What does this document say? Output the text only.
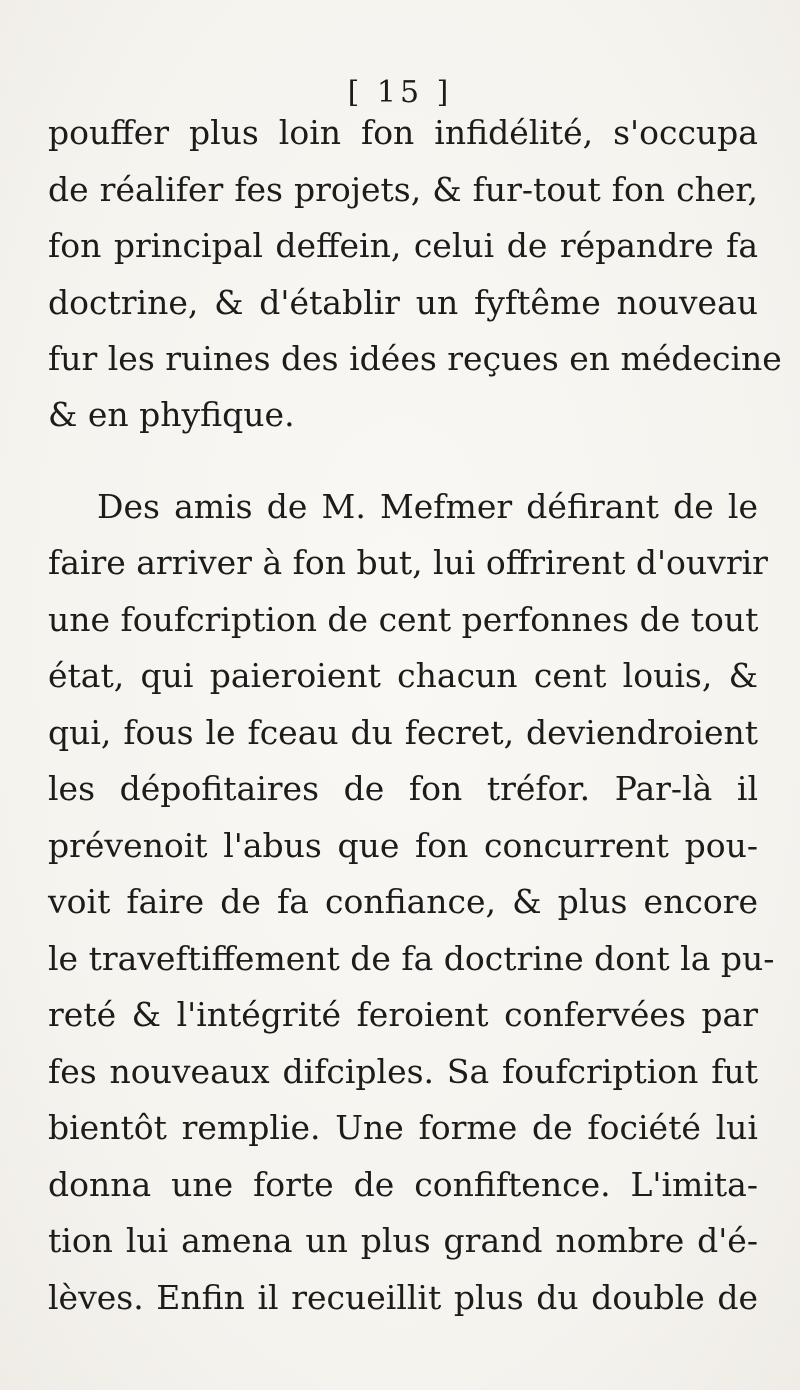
[ 15 ]

pouffer plus loin fon infidélité, s'occupa

de réalifer fes projets, & fur-tout fon cher,

fon principal deffein, celui de répandre fa

doctrine, & d'établir un fyftême nouveau

fur les ruines des idées reçues en médecine

& en phyfique.

Des amis de M. Mefmer défirant de le

faire arriver à fon but, lui offrirent d'ouvrir

une foufcription de cent perfonnes de tout

état, qui paieroient chacun cent louis, &

qui, fous le fceau du fecret, deviendroient

les dépofitaires de fon tréfor. Par-là il

prévenoit l'abus que fon concurrent pou-

voit faire de fa confiance, & plus encore

le traveftiffement de fa doctrine dont la pu-

reté & l'intégrité feroient confervées par

fes nouveaux difciples. Sa foufcription fut

bientôt remplie. Une forme de fociété lui

donna une forte de confiftence. L'imita-

tion lui amena un plus grand nombre d'é-

lèves. Enfin il recueillit plus du double de
